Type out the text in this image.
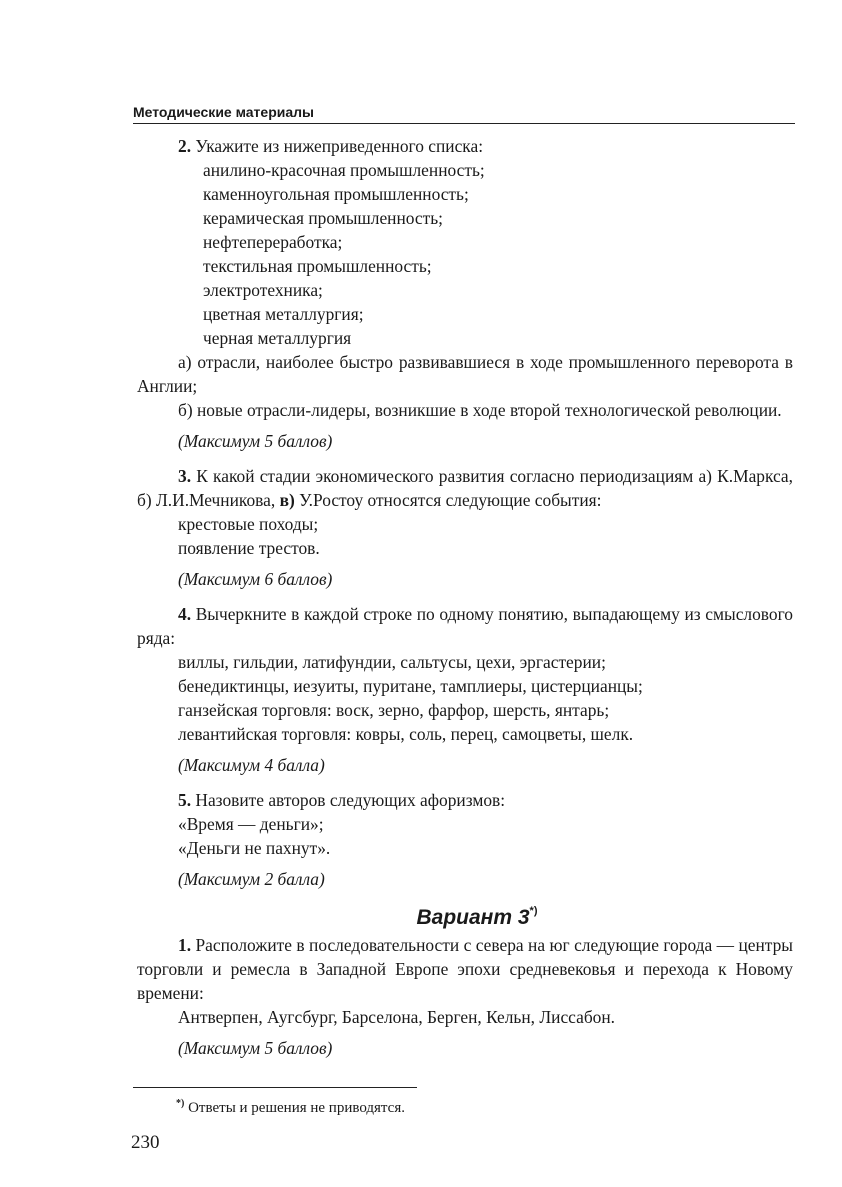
Методические материалы

2. Укажите из нижеприведенного списка:

анилино-красочная промышленность;

каменноугольная промышленность;

керамическая промышленность;

нефтепереработка;

текстильная промышленность;

электротехника;

цветная металлургия;

черная металлургия

а) отрасли, наиболее быстро развивавшиеся в ходе промышленного переворота в Англии;

б) новые отрасли-лидеры, возникшие в ходе второй технологической революции.

(Максимум 5 баллов)

3. К какой стадии экономического развития согласно периодизациям а) К.Маркса, б) Л.И.Мечникова, в) У.Ростоу относятся следующие события:

крестовые походы;

появление трестов.

(Максимум 6 баллов)

4. Вычеркните в каждой строке по одному понятию, выпадающему из смыслового ряда:

виллы, гильдии, латифундии, сальтусы, цехи, эргастерии;

бенедиктинцы, иезуиты, пуритане, тамплиеры, цистерцианцы;

ганзейская торговля: воск, зерно, фарфор, шерсть, янтарь;

левантийская торговля: ковры, соль, перец, самоцветы, шелк.

(Максимум 4 балла)

5. Назовите авторов следующих афоризмов:

«Время — деньги»;

«Деньги не пахнут».

(Максимум 2 балла)

Вариант 3*)

1. Расположите в последовательности с севера на юг следующие города — центры торговли и ремесла в Западной Европе эпохи средневековья и перехода к Новому времени:

Антверпен, Аугсбург, Барселона, Берген, Кельн, Лиссабон.

(Максимум 5 баллов)

*) Ответы и решения не приводятся.
230
